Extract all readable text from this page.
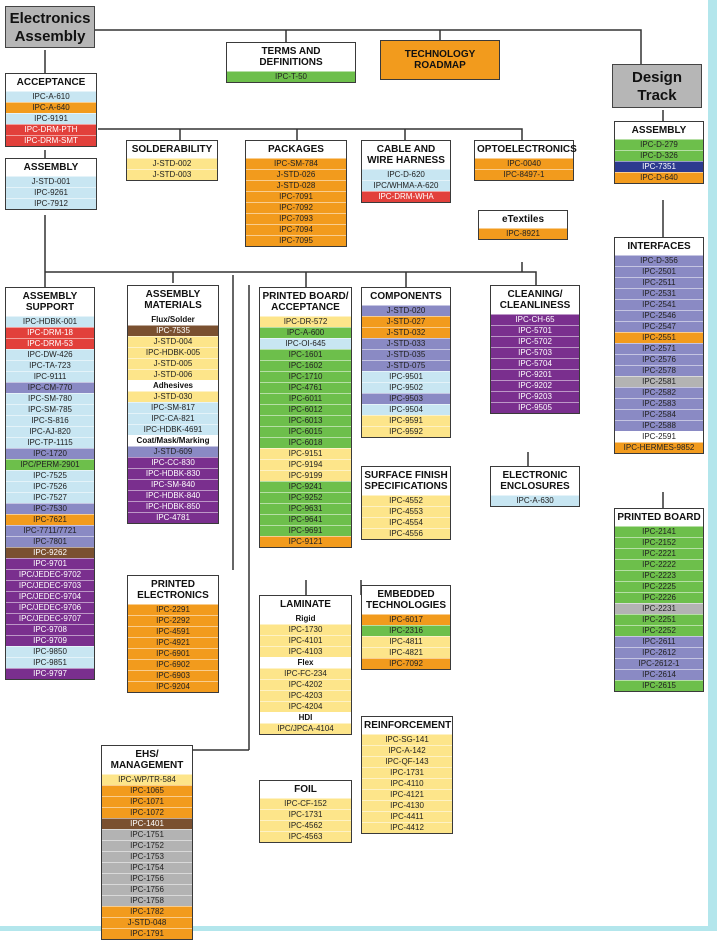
Electronics Assembly
Design Track
TERMS AND DEFINITIONS
IPC-T-50
TECHNOLOGY ROADMAP
ACCEPTANCE
IPC-A-610
IPC-A-640
IPC-9191
IPC-DRM-PTH
IPC-DRM-SMT
ASSEMBLY
J-STD-001
IPC-9261
IPC-7912
SOLDERABILITY
J-STD-002
J-STD-003
PACKAGES
IPC-SM-784
J-STD-026
J-STD-028
IPC-7091
IPC-7092
IPC-7093
IPC-7094
IPC-7095
CABLE AND WIRE HARNESS
IPC-D-620
IPC/WHMA-A-620
IPC-DRM-WHA
OPTOELECTRONICS
IPC-0040
IPC-8497-1
eTextiles
IPC-8921
ASSEMBLY
IPC-D-279
IPC-D-326
IPC-7351
IPC-D-640
INTERFACES
IPC-D-356
IPC-2501
IPC-2511
IPC-2531
IPC-2541
IPC-2546
IPC-2547
IPC-2551
IPC-2571
IPC-2576
IPC-2578
IPC-2581
IPC-2582
IPC-2583
IPC-2584
IPC-2588
IPC-2591
IPC-HERMES-9852
PRINTED BOARD
IPC-2141
IPC-2152
IPC-2221
IPC-2222
IPC-2223
IPC-2225
IPC-2226
IPC-2231
IPC-2251
IPC-2252
IPC-2611
IPC-2612
IPC-2612-1
IPC-2614
IPC-2615
ASSEMBLY SUPPORT
IPC-HDBK-001
IPC-DRM-18
IPC-DRM-53
IPC-DW-426
IPC-TA-723
IPC-9111
IPC-CM-770
IPC-SM-780
IPC-SM-785
IPC-S-816
IPC-AJ-820
IPC-TP-1115
IPC-1720
IPC/PERM-2901
IPC-7525
IPC-7526
IPC-7527
IPC-7530
IPC-7621
IPC-7711/7721
IPC-7801
IPC-9262
IPC-9701
IPC/JEDEC-9702
IPC/JEDEC-9703
IPC/JEDEC-9704
IPC/JEDEC-9706
IPC/JEDEC-9707
IPC-9708
IPC-9709
IPC-9850
IPC-9851
IPC-9797
ASSEMBLY MATERIALS
Flux/Solder
IPC-7535
J-STD-004
IPC-HDBK-005
J-STD-005
J-STD-006
Adhesives
J-STD-030
IPC-SM-817
IPC-CA-821
IPC-HDBK-4691
Coat/Mask/Marking
J-STD-609
IPC-CC-830
IPC-HDBK-830
IPC-SM-840
IPC-HDBK-840
IPC-HDBK-850
IPC-4781
PRINTED ELECTRONICS
IPC-2291
IPC-2292
IPC-4591
IPC-4921
IPC-6901
IPC-6902
IPC-6903
IPC-9204
EHS/ MANAGEMENT
IPC-WP/TR-584
IPC-1065
IPC-1071
IPC-1072
IPC-1401
IPC-1751
IPC-1752
IPC-1753
IPC-1754
IPC-1756
IPC-1756
IPC-1758
IPC-1782
J-STD-048
IPC-1791
PRINTED BOARD/ ACCEPTANCE
IPC-DR-572
IPC-A-600
IPC-OI-645
IPC-1601
IPC-1602
IPC-1710
IPC-4761
IPC-6011
IPC-6012
IPC-6013
IPC-6015
IPC-6018
IPC-9151
IPC-9194
IPC-9199
IPC-9241
IPC-9252
IPC-9631
IPC-9641
IPC-9691
IPC-9121
LAMINATE
Rigid
IPC-1730
IPC-4101
IPC-4103
Flex
IPC-FC-234
IPC-4202
IPC-4203
IPC-4204
HDI
IPC/JPCA-4104
FOIL
IPC-CF-152
IPC-1731
IPC-4562
IPC-4563
COMPONENTS
J-STD-020
J-STD-027
J-STD-032
J-STD-033
J-STD-035
J-STD-075
IPC-9501
IPC-9502
IPC-9503
IPC-9504
IPC-9591
IPC-9592
SURFACE FINISH SPECIFICATIONS
IPC-4552
IPC-4553
IPC-4554
IPC-4556
EMBEDDED TECHNOLOGIES
IPC-6017
IPC-2316
IPC-4811
IPC-4821
IPC-7092
REINFORCEMENT
IPC-SG-141
IPC-A-142
IPC-QF-143
IPC-1731
IPC-4110
IPC-4121
IPC-4130
IPC-4411
IPC-4412
CLEANING/ CLEANLINESS
IPC-CH-65
IPC-5701
IPC-5702
IPC-5703
IPC-5704
IPC-9201
IPC-9202
IPC-9203
IPC-9505
ELECTRONIC ENCLOSURES
IPC-A-630
